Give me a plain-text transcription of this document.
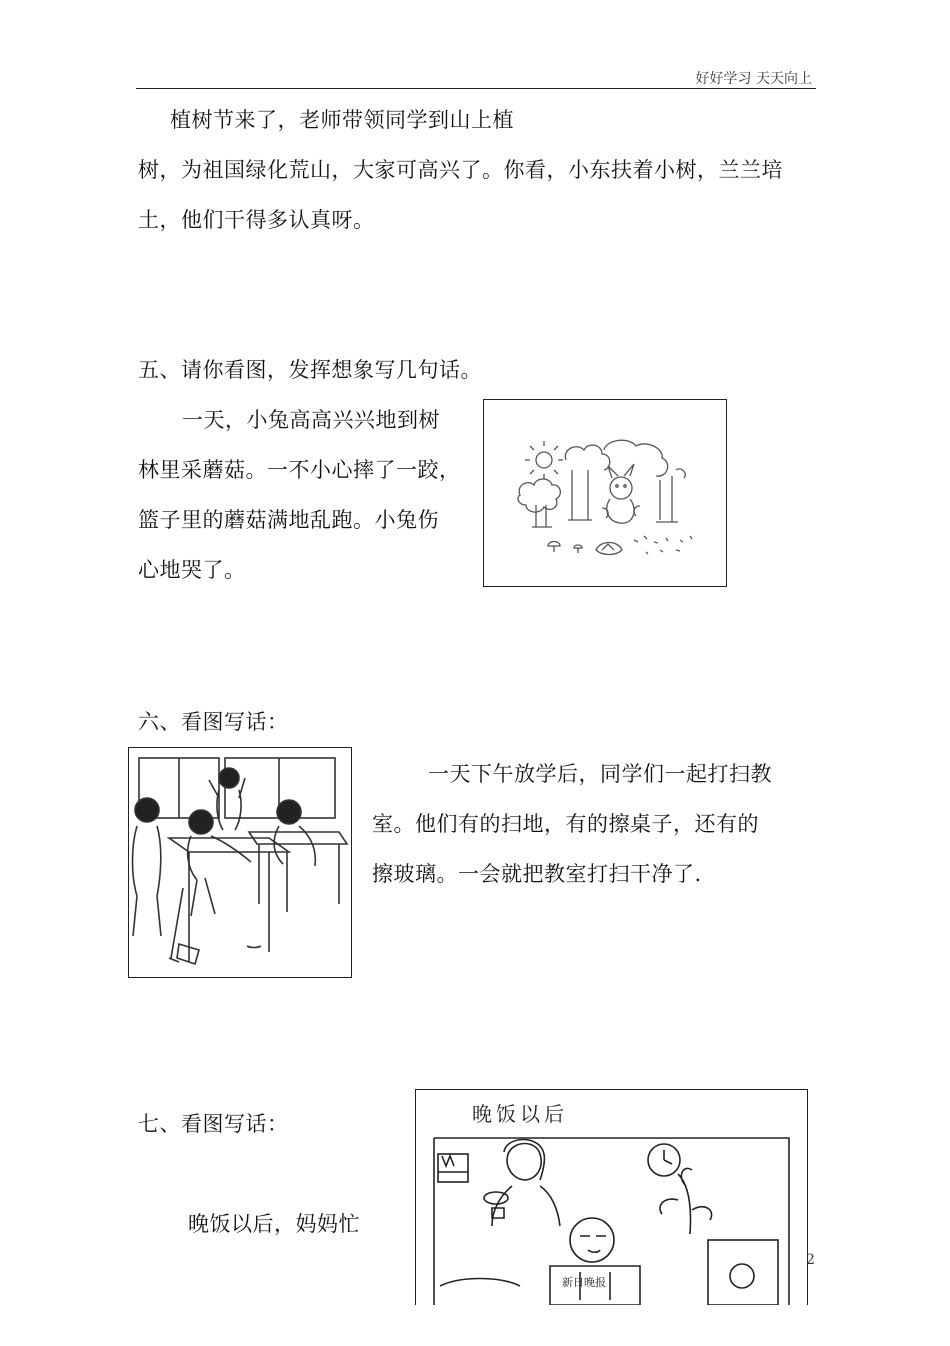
好好学习 天天向上
植树节来了，老师带领同学到山上植
树，为祖国绿化荒山，大家可高兴了。你看，小东扶着小树，兰兰培
土，他们干得多认真呀。
五、请你看图，发挥想象写几句话。
一天，小兔高高兴兴地到树
林里采蘑菇。一不小心摔了一跤，
篮子里的蘑菇满地乱跑。小兔伤
心地哭了。
六、看图写话：
一天下午放学后，同学们一起打扫教
室。他们有的扫地，有的擦桌子，还有的
擦玻璃。一会就把教室打扫干净了.
七、看图写话：
晚饭以后，妈妈忙
晚饭以后
新日晚报
2
